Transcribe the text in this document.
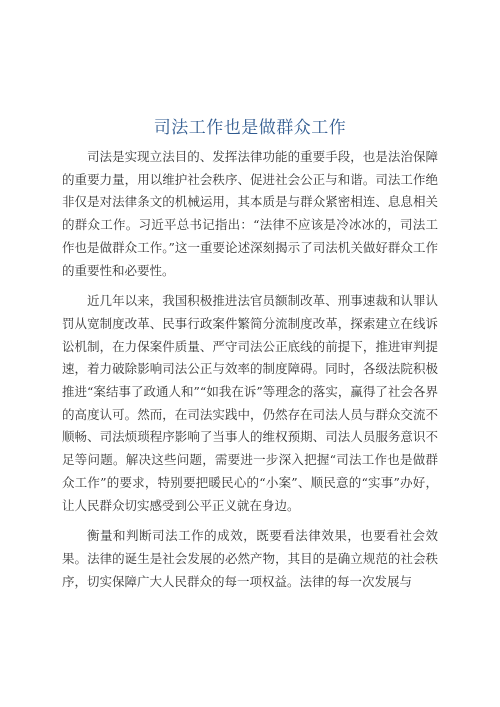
司法工作也是做群众工作

司法是实现立法目的、发挥法律功能的重要手段，也是法治保障的重要力量，用以维护社会秩序、促进社会公正与和谐。司法工作绝非仅是对法律条文的机械运用，其本质是与群众紧密相连、息息相关的群众工作。习近平总书记指出：“法律不应该是冷冰冰的，司法工作也是做群众工作。”这一重要论述深刻揭示了司法机关做好群众工作的重要性和必要性。

近几年以来，我国积极推进法官员额制改革、刑事速裁和认罪认罚从宽制度改革、民事行政案件繁简分流制度改革，探索建立在线诉讼机制，在力保案件质量、严守司法公正底线的前提下，推进审判提速，着力破除影响司法公正与效率的制度障碍。同时，各级法院积极推进“案结事了政通人和”“如我在诉”等理念的落实，赢得了社会各界的高度认可。然而，在司法实践中，仍然存在司法人员与群众交流不顺畅、司法烦琐程序影响了当事人的维权预期、司法人员服务意识不足等问题。解决这些问题，需要进一步深入把握“司法工作也是做群众工作”的要求，特别要把暖民心的“小案”、顺民意的“实事”办好，让人民群众切实感受到公平正义就在身边。

衡量和判断司法工作的成效，既要看法律效果，也要看社会效果。法律的诞生是社会发展的必然产物，其目的是确立规范的社会秩序，切实保障广大人民群众的每一项权益。法律的每一次发展与
